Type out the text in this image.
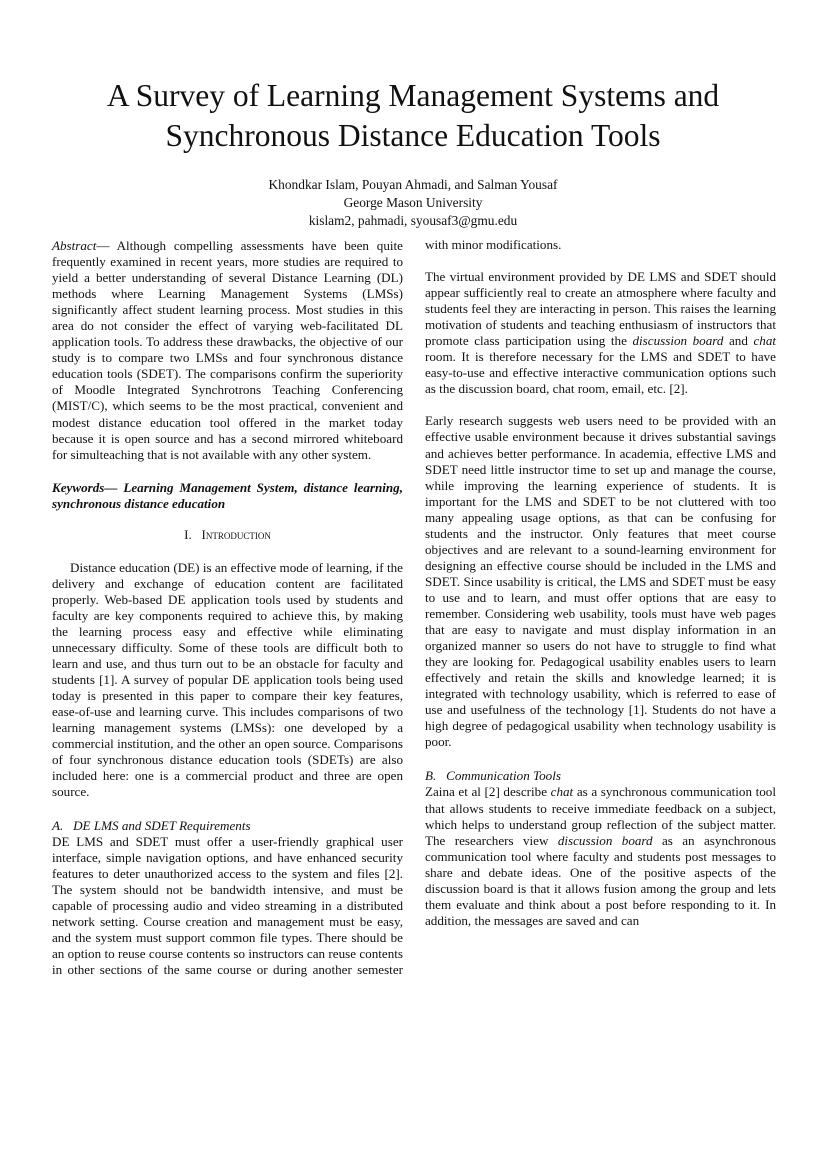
A Survey of Learning Management Systems and
Synchronous Distance Education Tools
Khondkar Islam, Pouyan Ahmadi, and Salman Yousaf
George Mason University
kislam2, pahmadi, syousaf3@gmu.edu

Abstract— Although compelling assessments have been quite frequently examined in recent years, more studies are required to yield a better understanding of several Distance Learning (DL) methods where Learning Management Systems (LMSs) significantly affect student learning process. Most studies in this area do not consider the effect of varying web-facilitated DL application tools. To address these drawbacks, the objective of our study is to compare two LMSs and four synchronous distance education tools (SDET). The comparisons confirm the superiority of Moodle Integrated Synchrotrons Teaching Conferencing (MIST/C), which seems to be the most practical, convenient and modest distance education tool offered in the market today because it is open source and has a second mirrored whiteboard for simulteaching that is not available with any other system.

Keywords— Learning Management System, distance learning, synchronous distance education

I. Introduction

Distance education (DE) is an effective mode of learning, if the delivery and exchange of education content are facilitated properly. Web-based DE application tools used by students and faculty are key components required to achieve this, by making the learning process easy and effective while eliminating unnecessary difficulty. Some of these tools are difficult both to learn and use, and thus turn out to be an obstacle for faculty and students [1]. A survey of popular DE application tools being used today is presented in this paper to compare their key features, ease-of-use and learning curve. This includes comparisons of two learning management systems (LMSs): one developed by a commercial institution, and the other an open source. Comparisons of four synchronous distance education tools (SDETs) are also included here: one is a commercial product and three are open source.

A.   DE LMS and SDET Requirements

DE LMS and SDET must offer a user-friendly graphical user interface, simple navigation options, and have enhanced security features to deter unauthorized access to the system and files [2]. The system should not be bandwidth intensive, and must be capable of processing audio and video streaming in a distributed network setting. Course creation and management must be easy, and the system must support common file types. There should be an option to reuse course contents so instructors can reuse contents in other sections of the same course or during another semester

with minor modifications.

The virtual environment provided by DE LMS and SDET should appear sufficiently real to create an atmosphere where faculty and students feel they are interacting in person. This raises the learning motivation of students and teaching enthusiasm of instructors that promote class participation using the discussion board and chat room. It is therefore necessary for the LMS and SDET to have easy-to-use and effective interactive communication options such as the discussion board, chat room, email, etc. [2].

Early research suggests web users need to be provided with an effective usable environment because it drives substantial savings and achieves better performance. In academia, effective LMS and SDET need little instructor time to set up and manage the course, while improving the learning experience of students. It is important for the LMS and SDET to be not cluttered with too many appealing usage options, as that can be confusing for students and the instructor. Only features that meet course objectives and are relevant to a sound-learning environment for designing an effective course should be included in the LMS and SDET. Since usability is critical, the LMS and SDET must be easy to use and to learn, and must offer options that are easy to remember. Considering web usability, tools must have web pages that are easy to navigate and must display information in an organized manner so users do not have to struggle to find what they are looking for. Pedagogical usability enables users to learn effectively and retain the skills and knowledge learned; it is integrated with technology usability, which is referred to ease of use and usefulness of the technology [1]. Students do not have a high degree of pedagogical usability when technology usability is poor.

B.   Communication Tools

Zaina et al [2] describe chat as a synchronous communication tool that allows students to receive immediate feedback on a subject, which helps to understand group reflection of the subject matter. The researchers view discussion board as an asynchronous communication tool where faculty and students post messages to share and debate ideas. One of the positive aspects of the discussion board is that it allows fusion among the group and lets them evaluate and think about a post before responding to it. In addition, the messages are saved and can
